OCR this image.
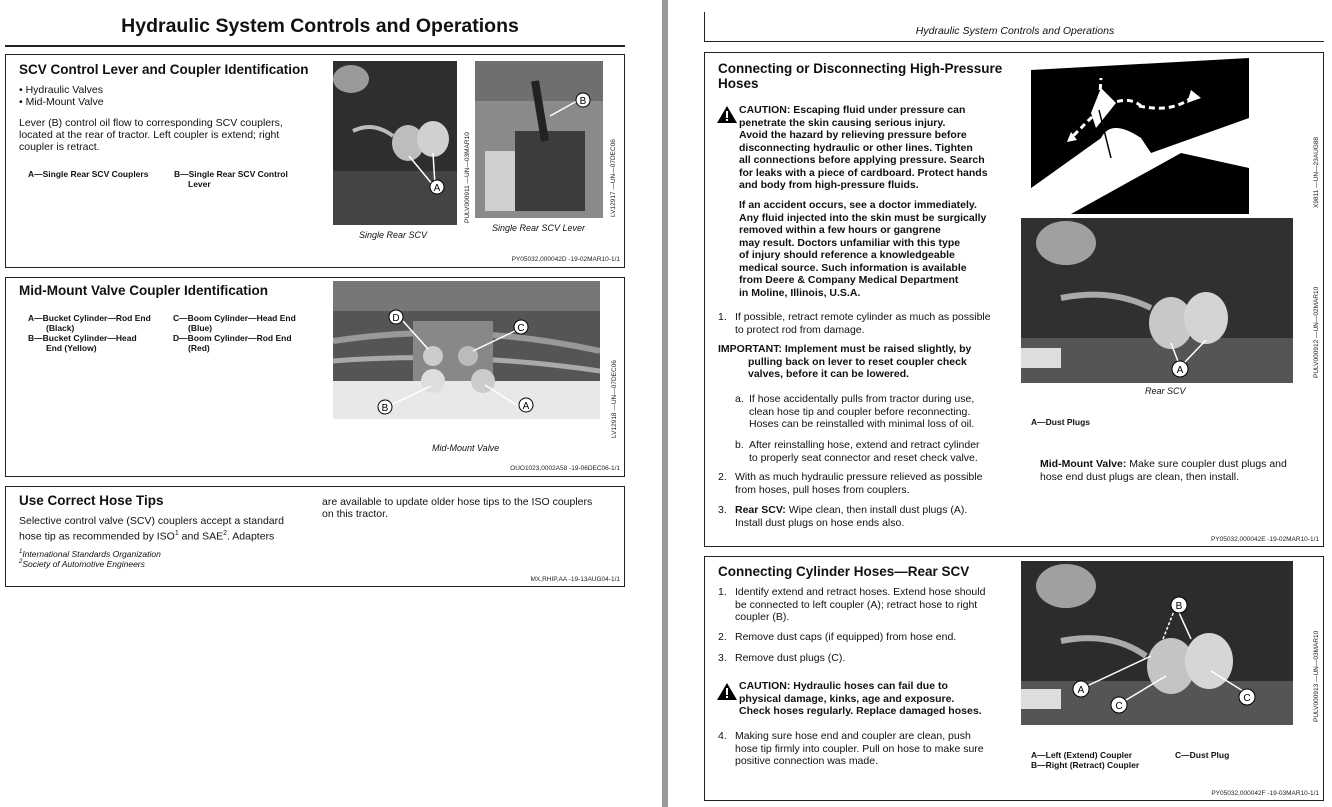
Hydraulic System Controls and Operations
SCV Control Lever and Coupler Identification
• Hydraulic Valves
• Mid-Mount Valve
Lever (B) control oil flow to corresponding SCV couplers,
located at the rear of tractor. Left coupler is extend; right
coupler is retract.
A—Single Rear SCV Couplers	B—Single Rear SCV Control
Lever	A	PULV000911 —UN—03MAR10
Single Rear SCV
B
LV12917 —UN—07DEC06
Single Rear SCV Lever
PY05032,000042D -19-02MAR10-1/1
Mid-Mount Valve Coupler Identification
A—Bucket Cylinder—Rod End
(Black)
B—Bucket Cylinder—Head
End (Yellow)
C—Boom Cylinder—Head End
(Blue)
D—Boom Cylinder—Rod End
(Red)
D
C
B	A	LV12918 —UN—07DEC06
Mid-Mount Valve
OUO1023,0002A58 -19-06DEC06-1/1
Use Correct Hose Tips
Selective control valve (SCV) couplers accept a standard
hose tip as recommended by ISO$^1$ and SAE$^2$. Adapters
are available to update older hose tips to the ISO couplers
on this tractor.
$^1$International Standards Organization
$^2$Society of Automotive Engineers
MX,RHIP,AA -19-13AUG04-1/1
Hydraulic System Controls and Operations
Connecting or Disconnecting High-Pressure
Hoses
CAUTION: Escaping fluid under pressure can
penetrate the skin causing serious injury.
Avoid the hazard by relieving pressure before
disconnecting hydraulic or other lines. Tighten
all connections before applying pressure. Search
for leaks with a piece of cardboard. Protect hands
and body from high-pressure fluids.
If an accident occurs, see a doctor immediately.
Any fluid injected into the skin must be surgically
removed within a few hours or gangrene
may result. Doctors unfamiliar with this type
of injury should reference a knowledgeable
medical source. Such information is available
from Deere & Company Medical Department
in Moline, Illinois, U.S.A.
1. If possible, retract remote cylinder as much as possible
to protect rod from damage.
IMPORTANT: Implement must be raised slightly, by
pulling back on lever to reset coupler check
valves, before it can be lowered.
a. If hose accidentally pulls from tractor during use,
clean hose tip and coupler before reconnecting.
Hoses can be reinstalled with minimal loss of oil.
b. After reinstalling hose, extend and retract cylinder
to properly seat connector and reset check valve.
2. With as much hydraulic pressure relieved as possible
from hoses, pull hoses from couplers.
3. Rear SCV: Wipe clean, then install dust plugs (A).
Install dust plugs on hose ends also.
X9811 —UN—23AUG88
A	PULV000912 —UN—02MAR10
Rear SCV
A—Dust Plugs
Mid-Mount Valve: Make sure coupler dust plugs and
hose end dust plugs are clean, then install.
PY05032,000042E -19-02MAR10-1/1
Connecting Cylinder Hoses—Rear SCV
1. Identify extend and retract hoses. Extend hose should
be connected to left coupler (A); retract hose to right
coupler (B).
2. Remove dust caps (if equipped) from hose end.
3. Remove dust plugs (C).
CAUTION: Hydraulic hoses can fail due to
physical damage, kinks, age and exposure.
Check hoses regularly. Replace damaged hoses.
4. Making sure hose end and coupler are clean, push
hose tip firmly into coupler. Pull on hose to make sure
positive connection was made.
B
A
C
C	PULV000913 —UN—03MAR10
A—Left (Extend) Coupler
B—Right (Retract) Coupler
C—Dust Plug
PY05032,000042F -19-03MAR10-1/1
